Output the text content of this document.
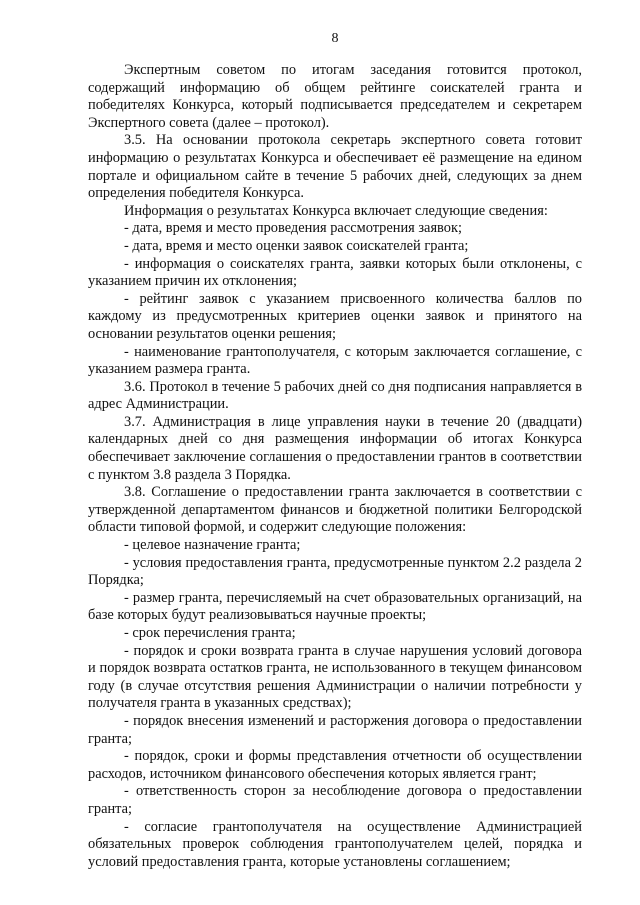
8

Экспертным советом по итогам заседания готовится протокол, содержащий информацию об общем рейтинге соискателей гранта и победителях Конкурса, который подписывается председателем и секретарем Экспертного совета (далее – протокол).

3.5. На основании протокола секретарь экспертного совета готовит информацию о результатах Конкурса и обеспечивает её размещение на едином портале и официальном сайте в течение 5 рабочих дней, следующих за днем определения победителя Конкурса.

Информация о результатах Конкурса включает следующие сведения:

- дата, время и место проведения рассмотрения заявок;

- дата, время и место оценки заявок соискателей гранта;

- информация о соискателях гранта, заявки которых были отклонены, с указанием причин их отклонения;

- рейтинг заявок с указанием присвоенного количества баллов по каждому из предусмотренных критериев оценки заявок и принятого на основании результатов оценки решения;

- наименование грантополучателя, с которым заключается соглашение, с указанием размера гранта.

3.6. Протокол в течение 5 рабочих дней со дня подписания направляется в адрес Администрации.

3.7. Администрация в лице управления науки в течение 20 (двадцати) календарных дней со дня размещения информации об итогах Конкурса обеспечивает заключение соглашения о предоставлении грантов в соответствии с пунктом 3.8 раздела 3 Порядка.

3.8. Соглашение о предоставлении гранта заключается в соответствии с утвержденной департаментом финансов и бюджетной политики Белгородской области типовой формой, и содержит следующие положения:

- целевое назначение гранта;

- условия предоставления гранта, предусмотренные пунктом 2.2 раздела 2 Порядка;

- размер гранта, перечисляемый на счет образовательных организаций, на базе которых будут реализовываться научные проекты;

- срок перечисления гранта;

- порядок и сроки возврата гранта в случае нарушения условий договора и порядок возврата остатков гранта, не использованного в текущем финансовом году (в случае отсутствия решения Администрации о наличии потребности у получателя гранта в указанных средствах);

- порядок внесения изменений и расторжения договора о предоставлении гранта;

- порядок, сроки и формы представления отчетности об осуществлении расходов, источником финансового обеспечения которых является грант;

- ответственность сторон за несоблюдение договора о предоставлении гранта;

- согласие грантополучателя на осуществление Администрацией обязательных проверок соблюдения грантополучателем целей, порядка и условий предоставления гранта, которые установлены соглашением;
